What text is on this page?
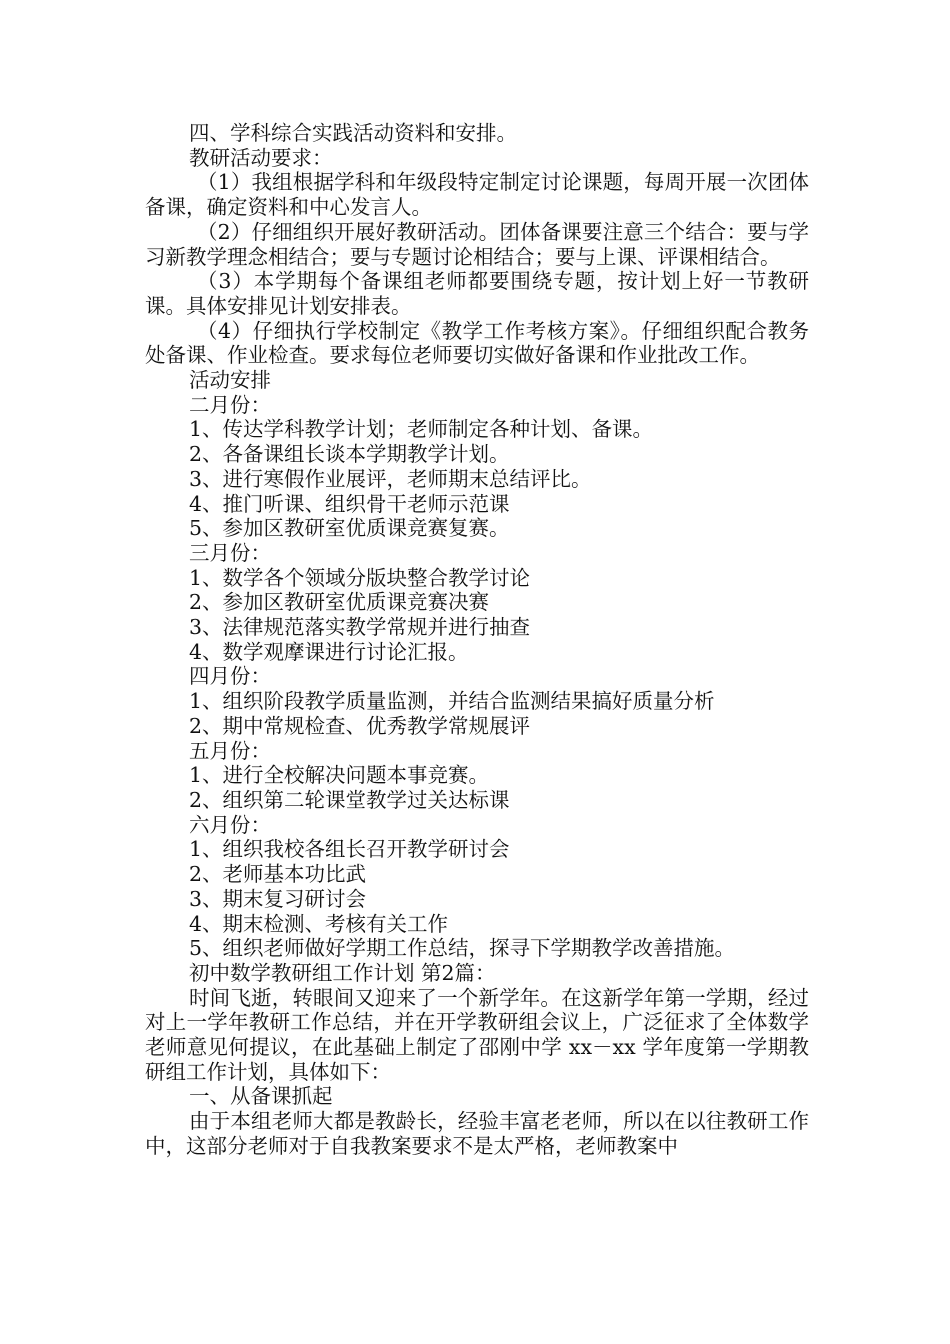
四、学科综合实践活动资料和安排。

教研活动要求：

（1）我组根据学科和年级段特定制定讨论课题，每周开展一次团体备课，确定资料和中心发言人。

（2）仔细组织开展好教研活动。团体备课要注意三个结合：要与学习新教学理念相结合；要与专题讨论相结合；要与上课、评课相结合。

（3）本学期每个备课组老师都要围绕专题，按计划上好一节教研课。具体安排见计划安排表。

（4）仔细执行学校制定《教学工作考核方案》。仔细组织配合教务处备课、作业检查。要求每位老师要切实做好备课和作业批改工作。

活动安排

二月份：

1、传达学科教学计划；老师制定各种计划、备课。

2、各备课组长谈本学期教学计划。

3、进行寒假作业展评，老师期末总结评比。

4、推门听课、组织骨干老师示范课

5、参加区教研室优质课竞赛复赛。

三月份：

1、数学各个领域分版块整合教学讨论

2、参加区教研室优质课竞赛决赛

3、法律规范落实教学常规并进行抽查

4、数学观摩课进行讨论汇报。

四月份：

1、组织阶段教学质量监测，并结合监测结果搞好质量分析

2、期中常规检查、优秀教学常规展评

五月份：

1、进行全校解决问题本事竞赛。

2、组织第二轮课堂教学过关达标课

六月份：

1、组织我校各组长召开教学研讨会

2、老师基本功比武

3、期末复习研讨会

4、期末检测、考核有关工作

5、组织老师做好学期工作总结，探寻下学期教学改善措施。

初中数学教研组工作计划 第2篇：

时间飞逝，转眼间又迎来了一个新学年。在这新学年第一学期，经过对上一学年教研工作总结，并在开学教研组会议上，广泛征求了全体数学老师意见何提议，在此基础上制定了邵刚中学 xx－xx 学年度第一学期教研组工作计划，具体如下：

一、从备课抓起

由于本组老师大都是教龄长，经验丰富老老师，所以在以往教研工作中，这部分老师对于自我教案要求不是太严格，老师教案中
